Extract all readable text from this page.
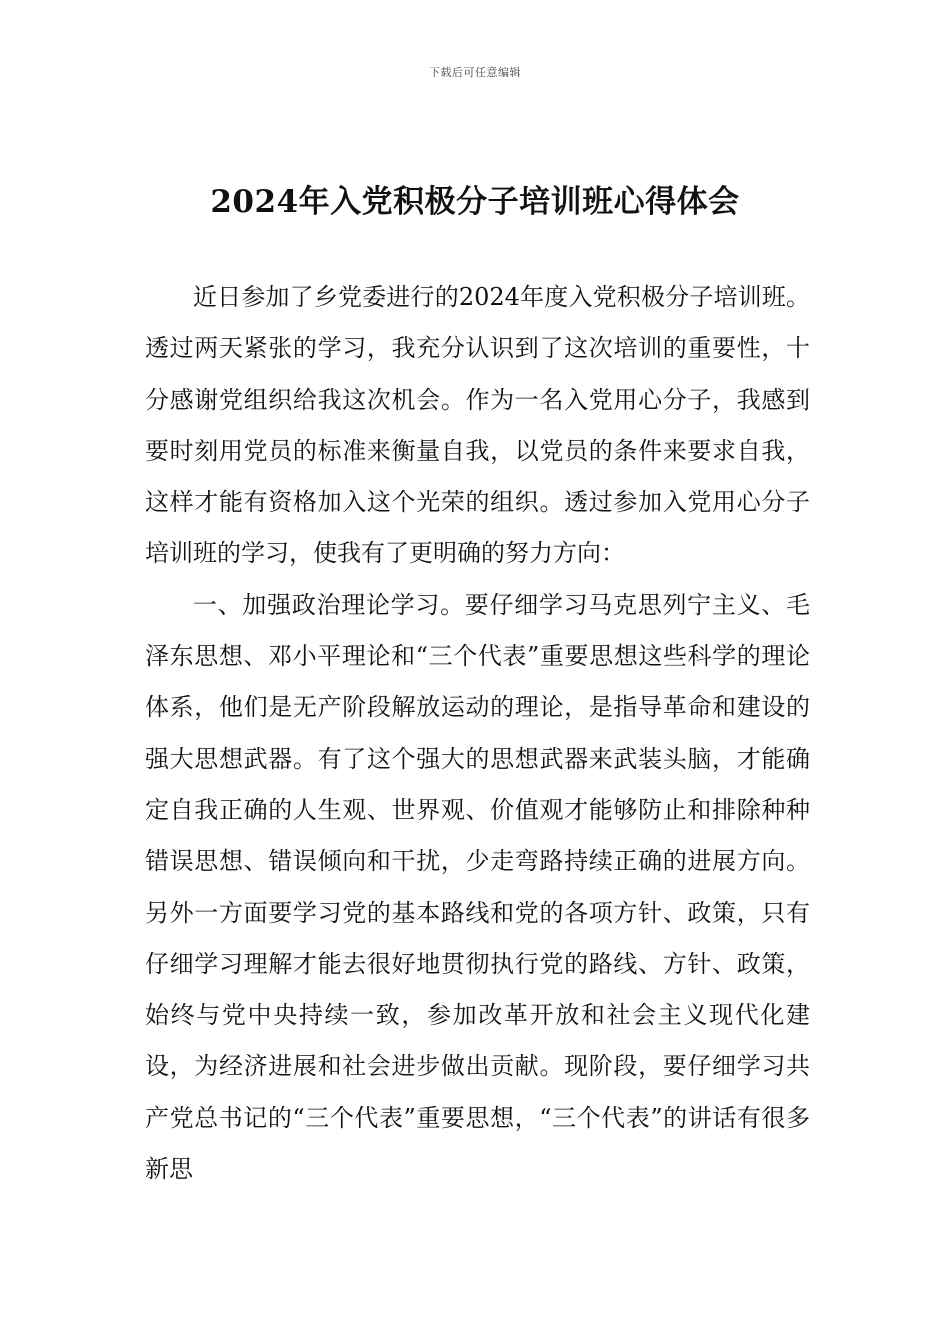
下载后可任意编辑
2024年入党积极分子培训班心得体会

近日参加了乡党委进行的2024年度入党积极分子培训班。透过两天紧张的学习，我充分认识到了这次培训的重要性，十分感谢党组织给我这次机会。作为一名入党用心分子，我感到要时刻用党员的标准来衡量自我，以党员的条件来要求自我，这样才能有资格加入这个光荣的组织。透过参加入党用心分子培训班的学习，使我有了更明确的努力方向：

一、加强政治理论学习。要仔细学习马克思列宁主义、毛泽东思想、邓小平理论和“三个代表”重要思想这些科学的理论体系，他们是无产阶段解放运动的理论，是指导革命和建设的强大思想武器。有了这个强大的思想武器来武装头脑，才能确定自我正确的人生观、世界观、价值观才能够防止和排除种种错误思想、错误倾向和干扰，少走弯路持续正确的进展方向。另外一方面要学习党的基本路线和党的各项方针、政策，只有仔细学习理解才能去很好地贯彻执行党的路线、方针、政策，始终与党中央持续一致，参加改革开放和社会主义现代化建设，为经济进展和社会进步做出贡献。现阶段，要仔细学习共产党总书记的“三个代表”重要思想，“三个代表”的讲话有很多新思
